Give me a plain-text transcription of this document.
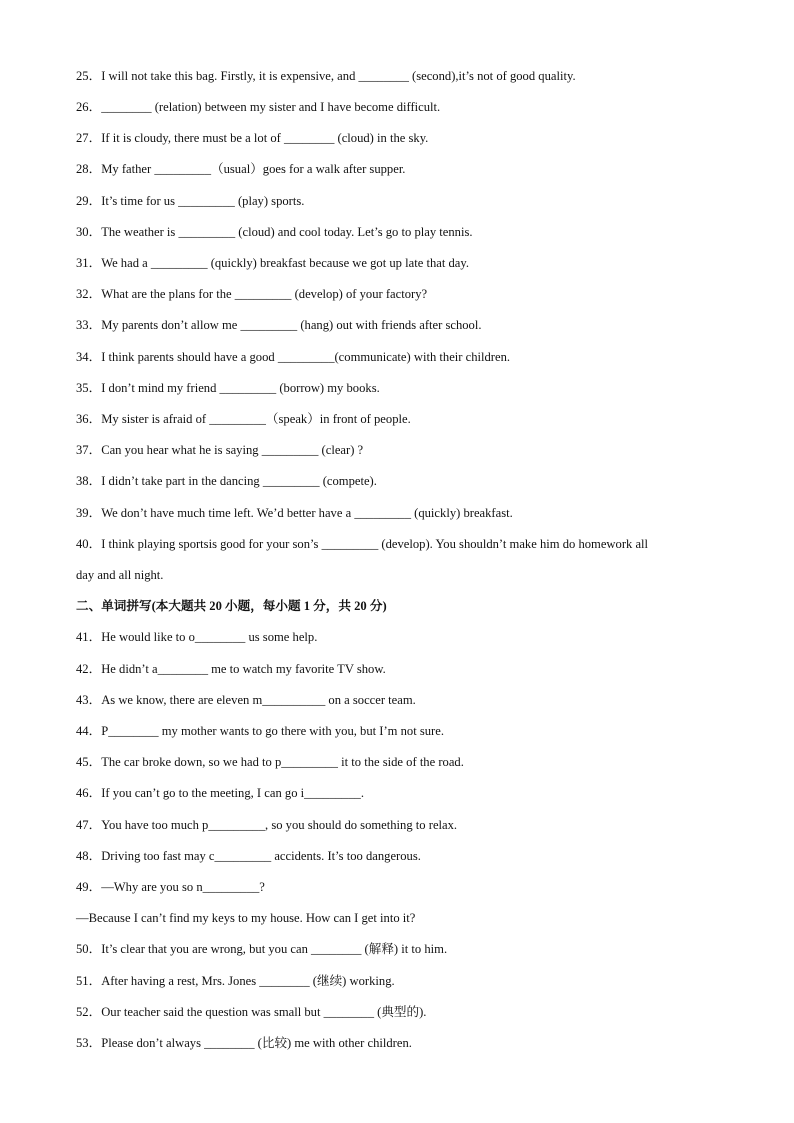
25．I will not take this bag. Firstly, it is expensive, and ________ (second),it’s not of good quality.
26．________ (relation) between my sister and I have become difficult.
27．If it is cloudy, there must be a lot of ________ (cloud) in the sky.
28．My father _________（usual）goes for a walk after supper.
29．It’s time for us _________ (play) sports.
30．The weather is _________ (cloud) and cool today. Let’s go to play tennis.
31．We had a _________ (quickly) breakfast because we got up late that day.
32．What are the plans for the _________ (develop) of your factory?
33．My parents don’t allow me _________ (hang) out with friends after school.
34．I think parents should have a good _________(communicate) with their children.
35．I don’t mind my friend _________ (borrow) my books.
36．My sister is afraid of _________（speak）in front of people.
37．Can you hear what he is saying _________ (clear) ?
38．I didn’t take part in the dancing _________ (compete).
39．We don’t have much time left. We’d better have a _________ (quickly) breakfast.
40．I think playing sportsis good for your son’s _________ (develop). You shouldn’t make him do homework all
day and all night.
二、单词拼写(本大题共 20 小题，每小题 1 分，共 20 分)
41．He would like to o________ us some help.
42．He didn’t a________ me to watch my favorite TV show.
43．As we know, there are eleven m__________ on a soccer team.
44．P________ my mother wants to go there with you, but I’m not sure.
45．The car broke down, so we had to p_________ it to the side of the road.
46．If you can’t go to the meeting, I can go i_________.
47．You have too much p_________, so you should do something to relax.
48．Driving too fast may c_________ accidents. It’s too dangerous.
49．—Why are you so n_________?
—Because I can’t find my keys to my house. How can I get into it?
50．It’s clear that you are wrong, but you can ________ (解释) it to him.
51．After having a rest, Mrs. Jones ________ (继续) working.
52．Our teacher said the question was small but ________ (典型的).
53．Please don’t always ________ (比较) me with other children.
